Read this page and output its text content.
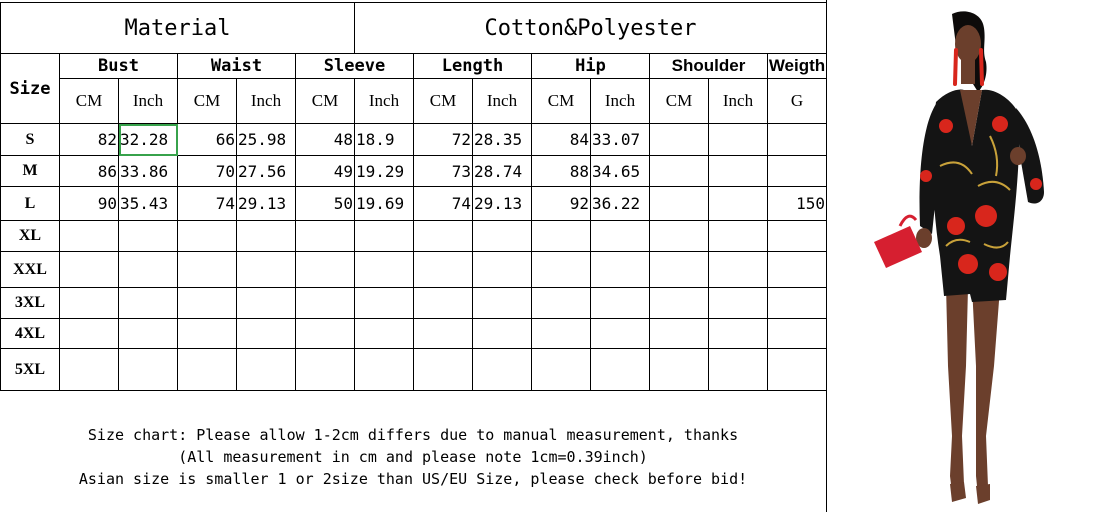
Material						Cotton&Polyester							
Size	Bust		Waist		Sleeve		Length		Hip		Shoulder		Weigth
	CM	Inch	CM	Inch	CM	Inch	CM	Inch	CM	Inch	CM	Inch	G
S	82	32.28	66	25.98	48	18.9	72	28.35	84	33.07			
M	86	33.86	70	27.56	49	19.29	73	28.74	88	34.65			
L	90	35.43	74	29.13	50	19.69	74	29.13	92	36.22			150
XL													
XXL													
3XL													
4XL													
5XL													
Size chart: Please allow 1-2cm differs due to manual measurement, thanks
(All measurement in cm and please note 1cm=0.39inch)
Asian size is smaller 1 or 2size than US/EU Size, please check before bid!
